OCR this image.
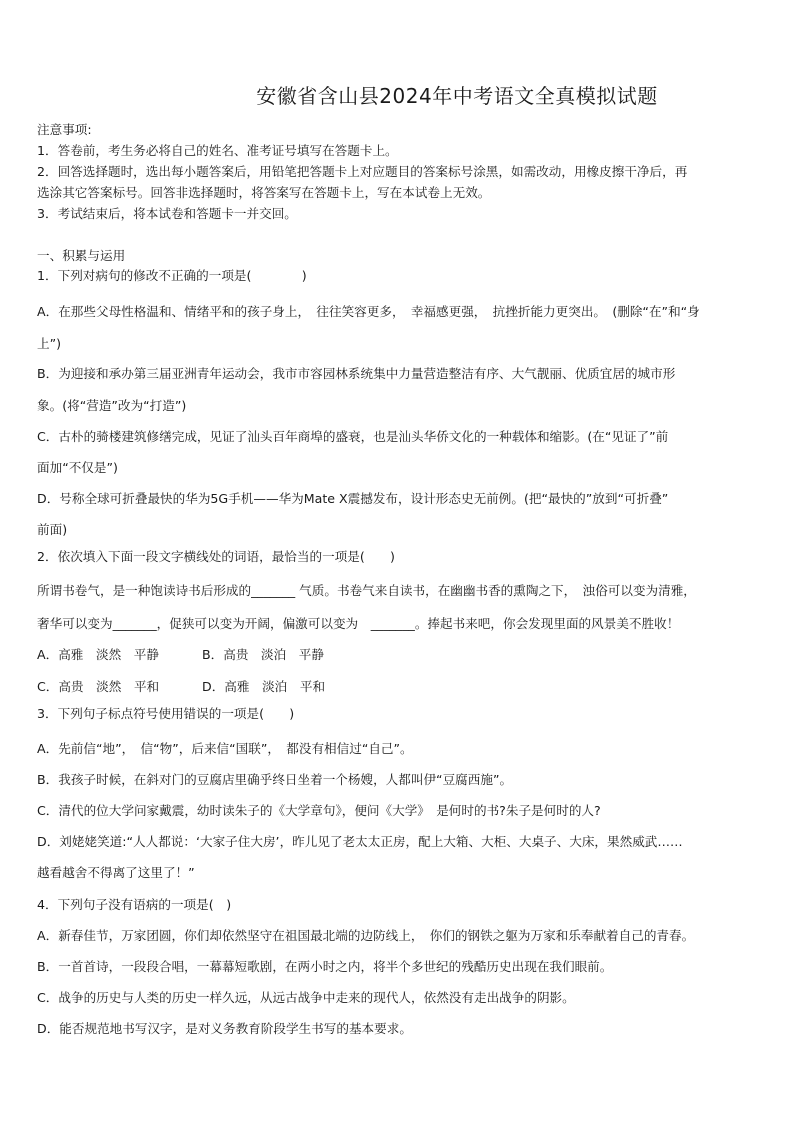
安徽省含山县2024年中考语文全真模拟试题
注意事项:
1．答卷前，考生务必将自己的姓名、准考证号填写在答题卡上。
2．回答选择题时，选出每小题答案后，用铅笔把答题卡上对应题目的答案标号涂黑，如需改动，用橡皮擦干净后，再
选涂其它答案标号。回答非选择题时，将答案写在答题卡上，写在本试卷上无效。
3．考试结束后，将本试卷和答题卡一并交回。
一、积累与运用
1．下列对病句的修改不正确的一项是(　　　　)
A．在那些父母性格温和、情绪平和的孩子身上，　往往笑容更多，　幸福感更强，　抗挫折能力更突出。　(删除“在”和“身
上”)
B．为迎接和承办第三届亚洲青年运动会，我市市容园林系统集中力量营造整洁有序、大气靓丽、优质宜居的城市形
象。(将“营造”改为“打造”)
C．古朴的骑楼建筑修缮完成，见证了汕头百年商埠的盛衰，也是汕头华侨文化的一种载体和缩影。(在“见证了”前
面加“不仅是”)
D．号称全球可折叠最快的华为5G手机——华为Mate X震撼发布，设计形态史无前例。(把“最快的”放到“可折叠”
前面)
2．依次填入下面一段文字横线处的词语，最恰当的一项是(　　)
所谓书卷气，是一种饱读诗书后形成的_______ 气质。书卷气来自读书，在幽幽书香的熏陶之下，　浊俗可以变为清雅，
奢华可以变为_______，促狭可以变为开阔，偏激可以变为　_______。捧起书来吧，你会发现里面的风景美不胜收！
A．高雅　淡然　平静	B．高贵　淡泊　平静
C．高贵　淡然　平和	D．高雅　淡泊　平和
3．下列句子标点符号使用错误的一项是(　　)
A．先前信“地”，　信“物”，后来信“国联”，　都没有相信过“自己”。
B．我孩子时候，在斜对门的豆腐店里确乎终日坐着一个杨嫂，人都叫伊“豆腐西施”。
C．清代的位大学问家戴震，幼时读朱子的《大学章句》，便问《大学》　是何时的书?朱子是何时的人?
D．刘姥姥笑道:“人人都说：‘大家子住大房’，昨儿见了老太太正房，配上大箱、大柜、大桌子、大床，果然威武……
越看越舍不得离了这里了！”
4．下列句子没有语病的一项是(　)
A．新春佳节，万家团圆，你们却依然坚守在祖国最北端的边防线上，　你们的钢铁之躯为万家和乐奉献着自己的青春。
B．一首首诗，一段段合唱，一幕幕短歌剧，在两小时之内，将半个多世纪的残酷历史出现在我们眼前。
C．战争的历史与人类的历史一样久远，从远古战争中走来的现代人，依然没有走出战争的阴影。
D．能否规范地书写汉字，是对义务教育阶段学生书写的基本要求。
